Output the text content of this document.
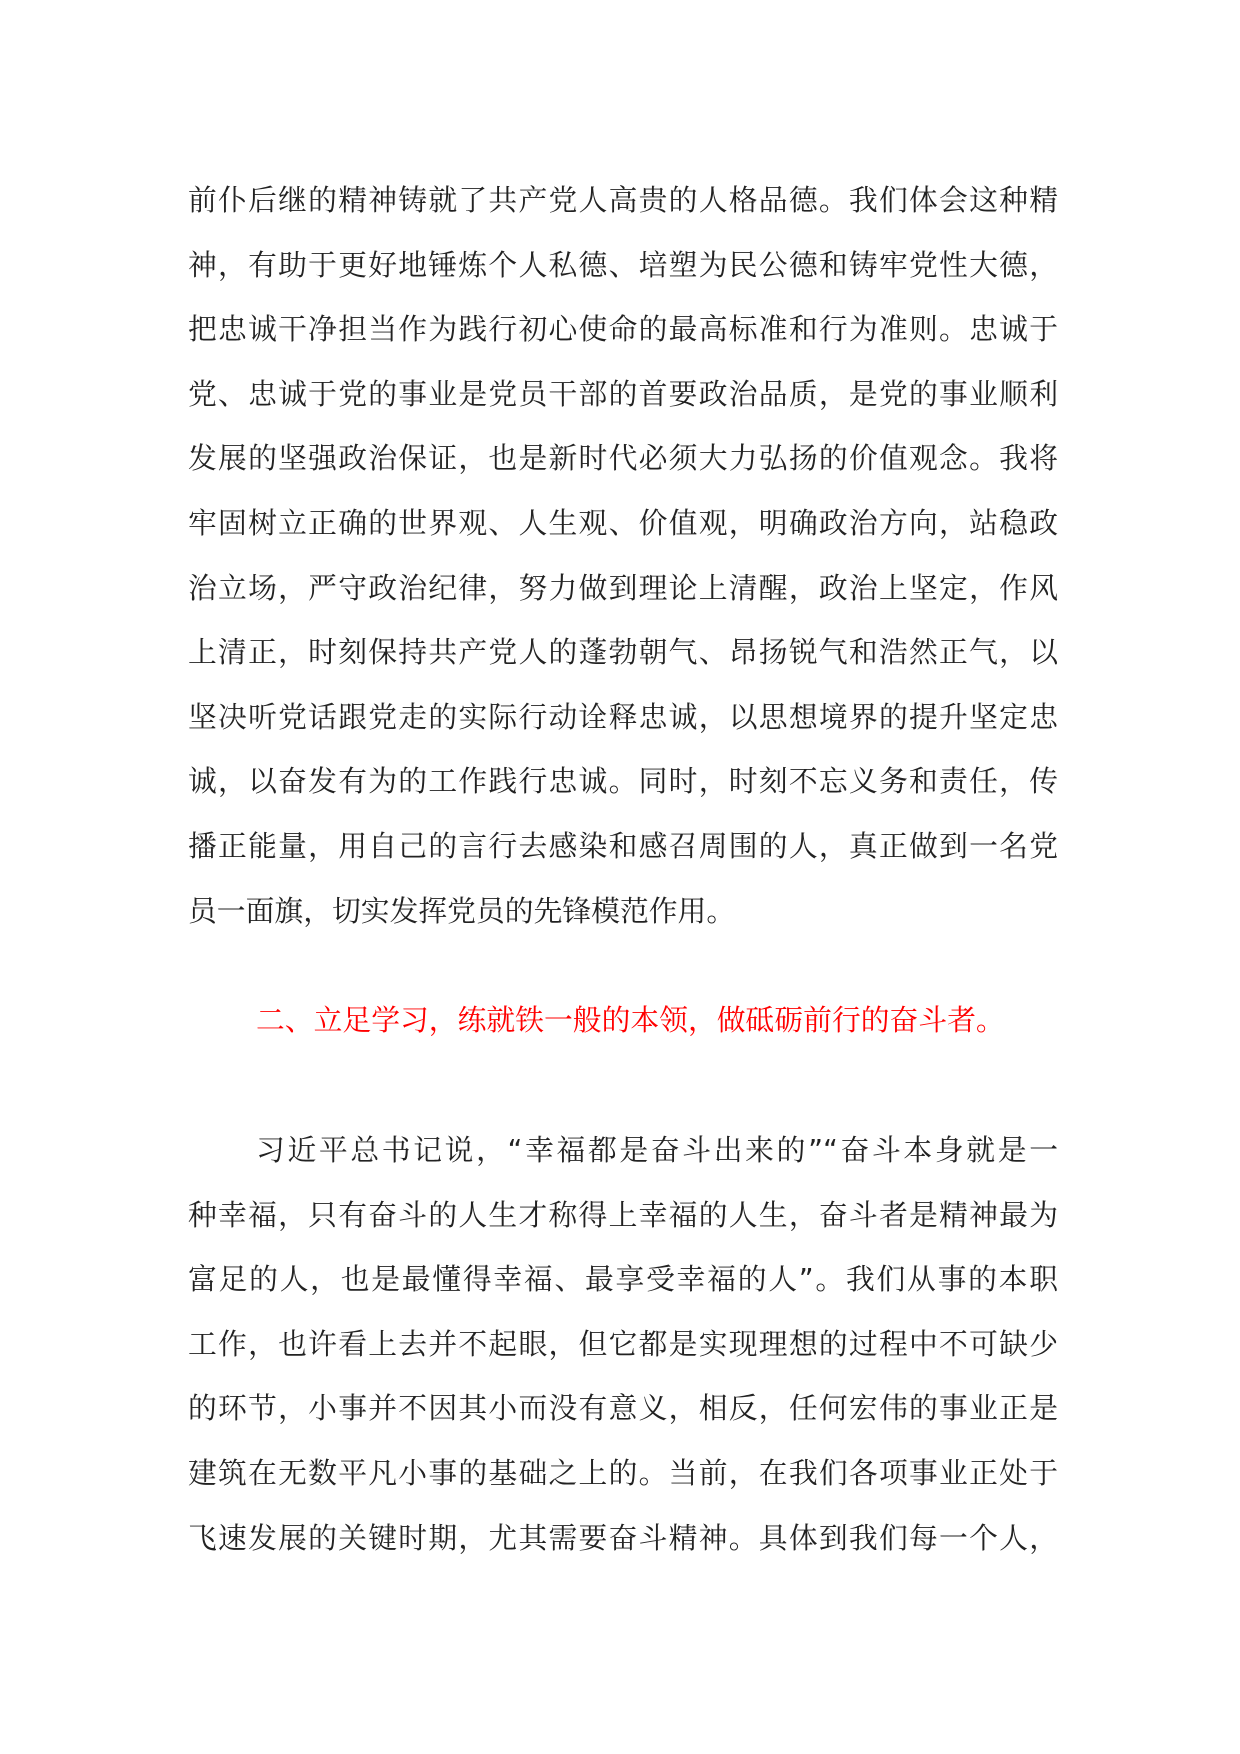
前仆后继的精神铸就了共产党人高贵的人格品德。我们体会这种精
神，有助于更好地锤炼个人私德、培塑为民公德和铸牢党性大德，
把忠诚干净担当作为践行初心使命的最高标准和行为准则。忠诚于
党、忠诚于党的事业是党员干部的首要政治品质，是党的事业顺利
发展的坚强政治保证，也是新时代必须大力弘扬的价值观念。我将
牢固树立正确的世界观、人生观、价值观，明确政治方向，站稳政
治立场，严守政治纪律，努力做到理论上清醒，政治上坚定，作风
上清正，时刻保持共产党人的蓬勃朝气、昂扬锐气和浩然正气，以
坚决听党话跟党走的实际行动诠释忠诚，以思想境界的提升坚定忠
诚，以奋发有为的工作践行忠诚。同时，时刻不忘义务和责任，传
播正能量，用自己的言行去感染和感召周围的人，真正做到一名党
员一面旗，切实发挥党员的先锋模范作用。
二、立足学习，练就铁一般的本领，做砥砺前行的奋斗者。
习近平总书记说，“幸福都是奋斗出来的”“奋斗本身就是一
种幸福，只有奋斗的人生才称得上幸福的人生，奋斗者是精神最为
富足的人，也是最懂得幸福、最享受幸福的人”。我们从事的本职
工作，也许看上去并不起眼，但它都是实现理想的过程中不可缺少
的环节，小事并不因其小而没有意义，相反，任何宏伟的事业正是
建筑在无数平凡小事的基础之上的。当前，在我们各项事业正处于
飞速发展的关键时期，尤其需要奋斗精神。具体到我们每一个人，
